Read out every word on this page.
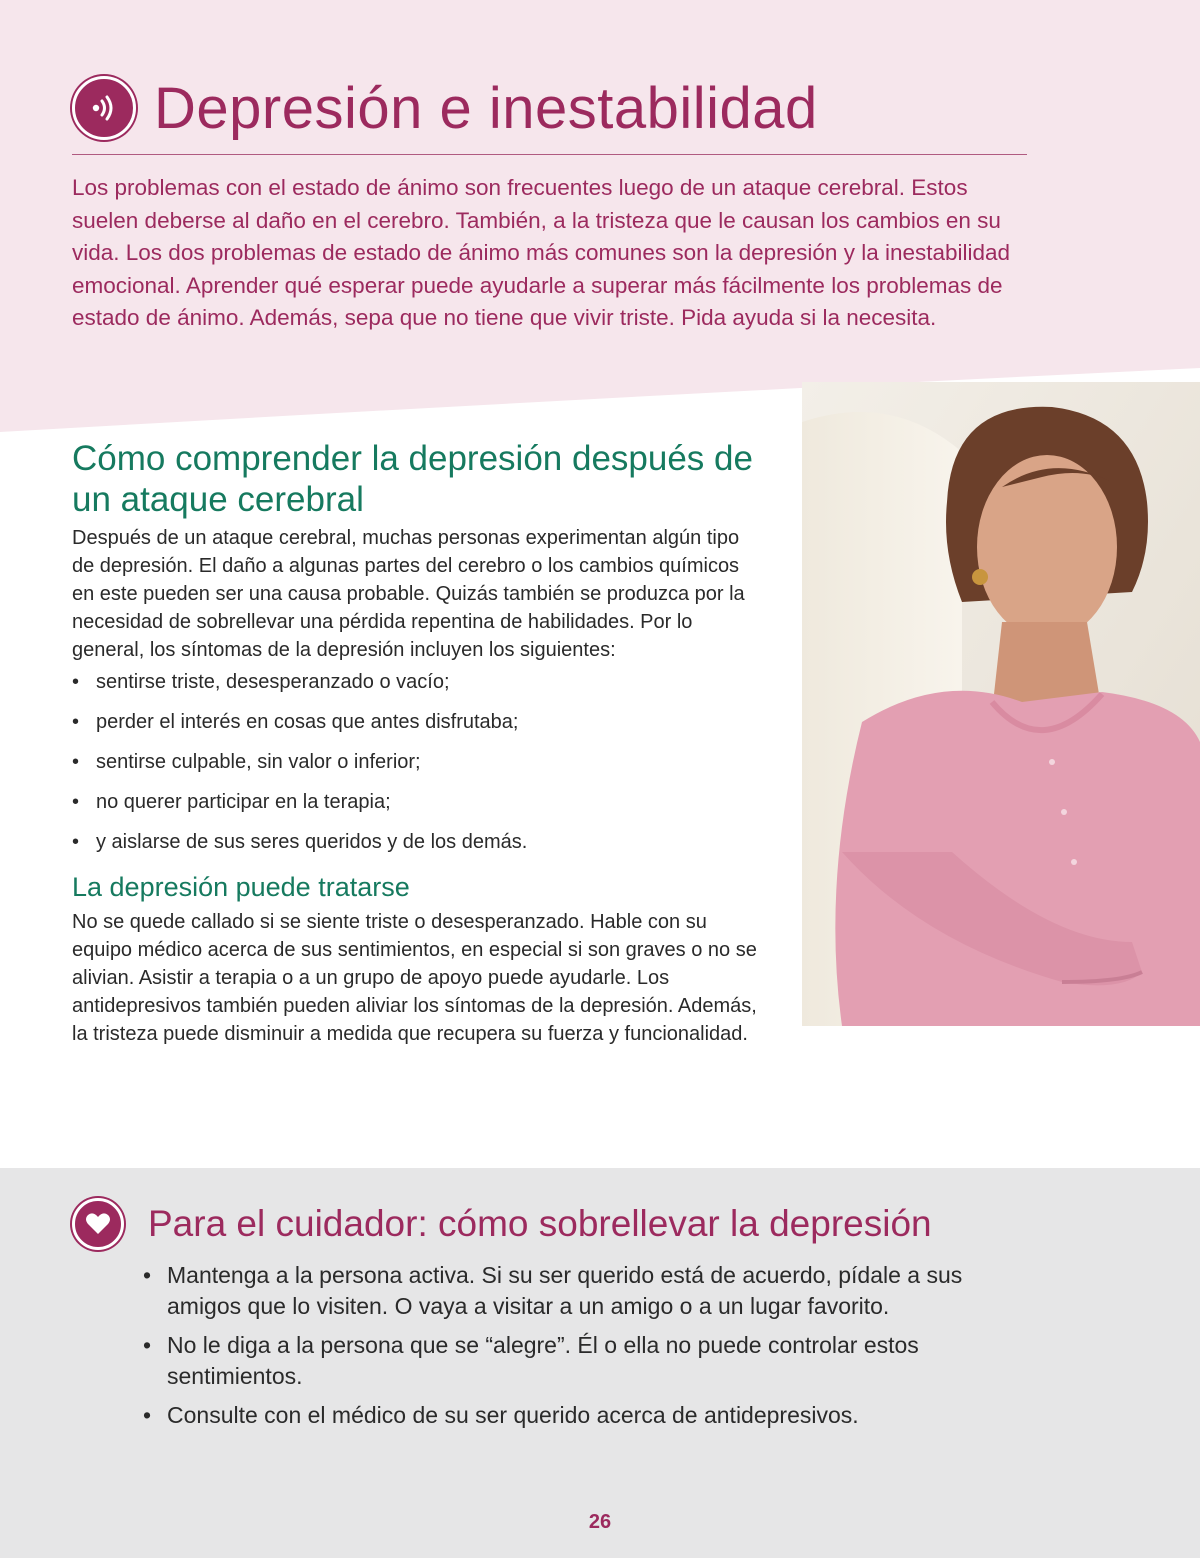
Depresión e inestabilidad

Los problemas con el estado de ánimo son frecuentes luego de un ataque cerebral. Estos suelen deberse al daño en el cerebro. También, a la tristeza que le causan los cambios en su vida. Los dos problemas de estado de ánimo más comunes son la depresión y la inestabilidad emocional. Aprender qué esperar puede ayudarle a superar más fácilmente los problemas de estado de ánimo. Además, sepa que no tiene que vivir triste. Pida ayuda si la necesita.

Cómo comprender la depresión después de un ataque cerebral

Después de un ataque cerebral, muchas personas experimentan algún tipo de depresión. El daño a algunas partes del cerebro o los cambios químicos en este pueden ser una causa probable. Quizás también se produzca por la necesidad de sobrellevar una pérdida repentina de habilidades. Por lo general, los síntomas de la depresión incluyen los siguientes:

• sentirse triste, desesperanzado o vacío;
• perder el interés en cosas que antes disfrutaba;
• sentirse culpable, sin valor o inferior;
• no querer participar en la terapia;
• y aislarse de sus seres queridos y de los demás.
La depresión puede tratarse

No se quede callado si se siente triste o desesperanzado. Hable con su equipo médico acerca de sus sentimientos, en especial si son graves o no se alivian. Asistir a terapia o a un grupo de apoyo puede ayudarle. Los antidepresivos también pueden aliviar los síntomas de la depresión. Además, la tristeza puede disminuir a medida que recupera su fuerza y funcionalidad.

Para el cuidador: cómo sobrellevar la depresión
• Mantenga a la persona activa. Si su ser querido está de acuerdo, pídale a sus amigos que lo visiten. O vaya a visitar a un amigo o a un lugar favorito.
• No le diga a la persona que se “alegre”. Él o ella no puede controlar estos sentimientos.
• Consulte con el médico de su ser querido acerca de antidepresivos.
26
